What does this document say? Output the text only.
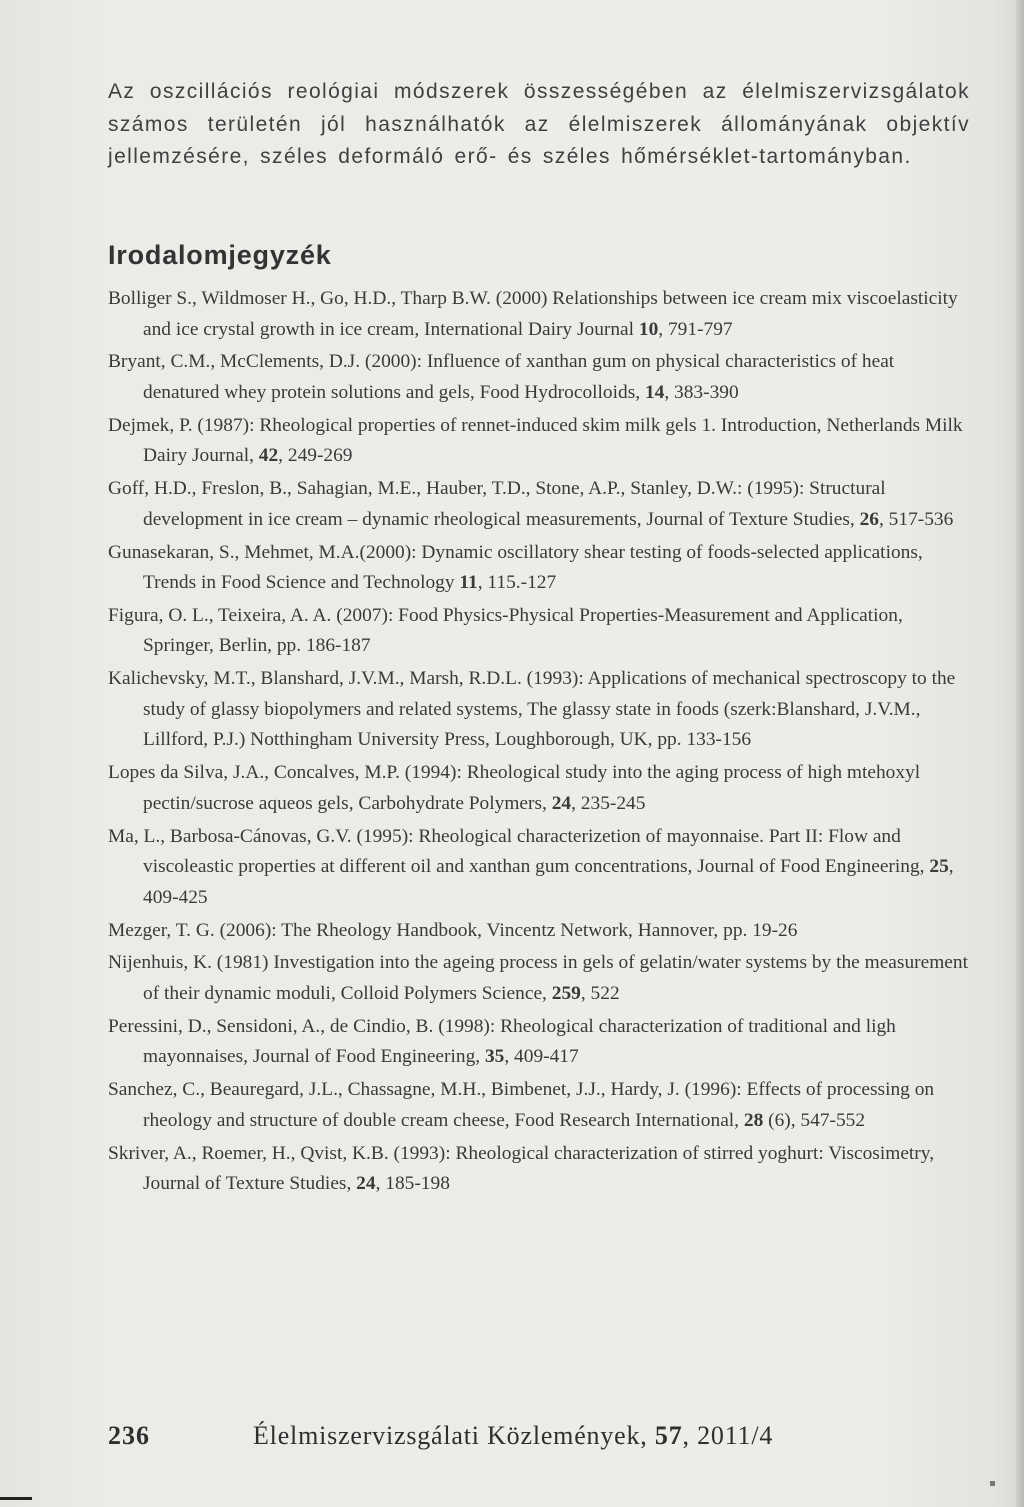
Az oszcillációs reológiai módszerek összességében az élelmiszervizsgálatok számos területén jól használhatók az élelmiszerek állományának objektív jellemzésére, széles deformáló erő- és széles hőmérséklet-tartományban.
Irodalomjegyzék
Bolliger S., Wildmoser H., Go, H.D., Tharp B.W. (2000) Relationships between ice cream mix viscoelasticity and ice crystal growth in ice cream, International Dairy Journal 10, 791-797
Bryant, C.M., McClements, D.J. (2000): Influence of xanthan gum on physical characteristics of heat denatured whey protein solutions and gels, Food Hydrocolloids, 14, 383-390
Dejmek, P. (1987): Rheological properties of rennet-induced skim milk gels 1. Introduction, Netherlands Milk Dairy Journal, 42, 249-269
Goff, H.D., Freslon, B., Sahagian, M.E., Hauber, T.D., Stone, A.P., Stanley, D.W.: (1995): Structural development in ice cream – dynamic rheological measurements, Journal of Texture Studies, 26, 517-536
Gunasekaran, S., Mehmet, M.A.(2000): Dynamic oscillatory shear testing of foods-selected applications, Trends in Food Science and Technology 11, 115.-127
Figura, O. L., Teixeira, A. A. (2007): Food Physics-Physical Properties-Measurement and Application, Springer, Berlin, pp. 186-187
Kalichevsky, M.T., Blanshard, J.V.M., Marsh, R.D.L. (1993): Applications of mechanical spectroscopy to the study of glassy biopolymers and related systems, The glassy state in foods (szerk:Blanshard, J.V.M., Lillford, P.J.) Notthingham University Press, Loughborough, UK, pp. 133-156
Lopes da Silva, J.A., Concalves, M.P. (1994): Rheological study into the aging process of high mtehoxyl pectin/sucrose aqueos gels, Carbohydrate Polymers, 24, 235-245
Ma, L., Barbosa-Cánovas, G.V. (1995): Rheological characterizetion of mayonnaise. Part II: Flow and viscoleastic properties at different oil and xanthan gum concentrations, Journal of Food Engineering, 25, 409-425
Mezger, T. G. (2006): The Rheology Handbook, Vincentz Network, Hannover, pp. 19-26
Nijenhuis, K. (1981) Investigation into the ageing process in gels of gelatin/water systems by the measurement of their dynamic moduli, Colloid Polymers Science, 259, 522
Peressini, D., Sensidoni, A., de Cindio, B. (1998): Rheological characterization of traditional and ligh mayonnaises, Journal of Food Engineering, 35, 409-417
Sanchez, C., Beauregard, J.L., Chassagne, M.H., Bimbenet, J.J., Hardy, J. (1996): Effects of processing on rheology and structure of double cream cheese, Food Research International, 28 (6), 547-552
Skriver, A., Roemer, H., Qvist, K.B. (1993): Rheological characterization of stirred yoghurt: Viscosimetry, Journal of Texture Studies, 24, 185-198
236	Élelmiszervizsgálati Közlemények, 57, 2011/4
